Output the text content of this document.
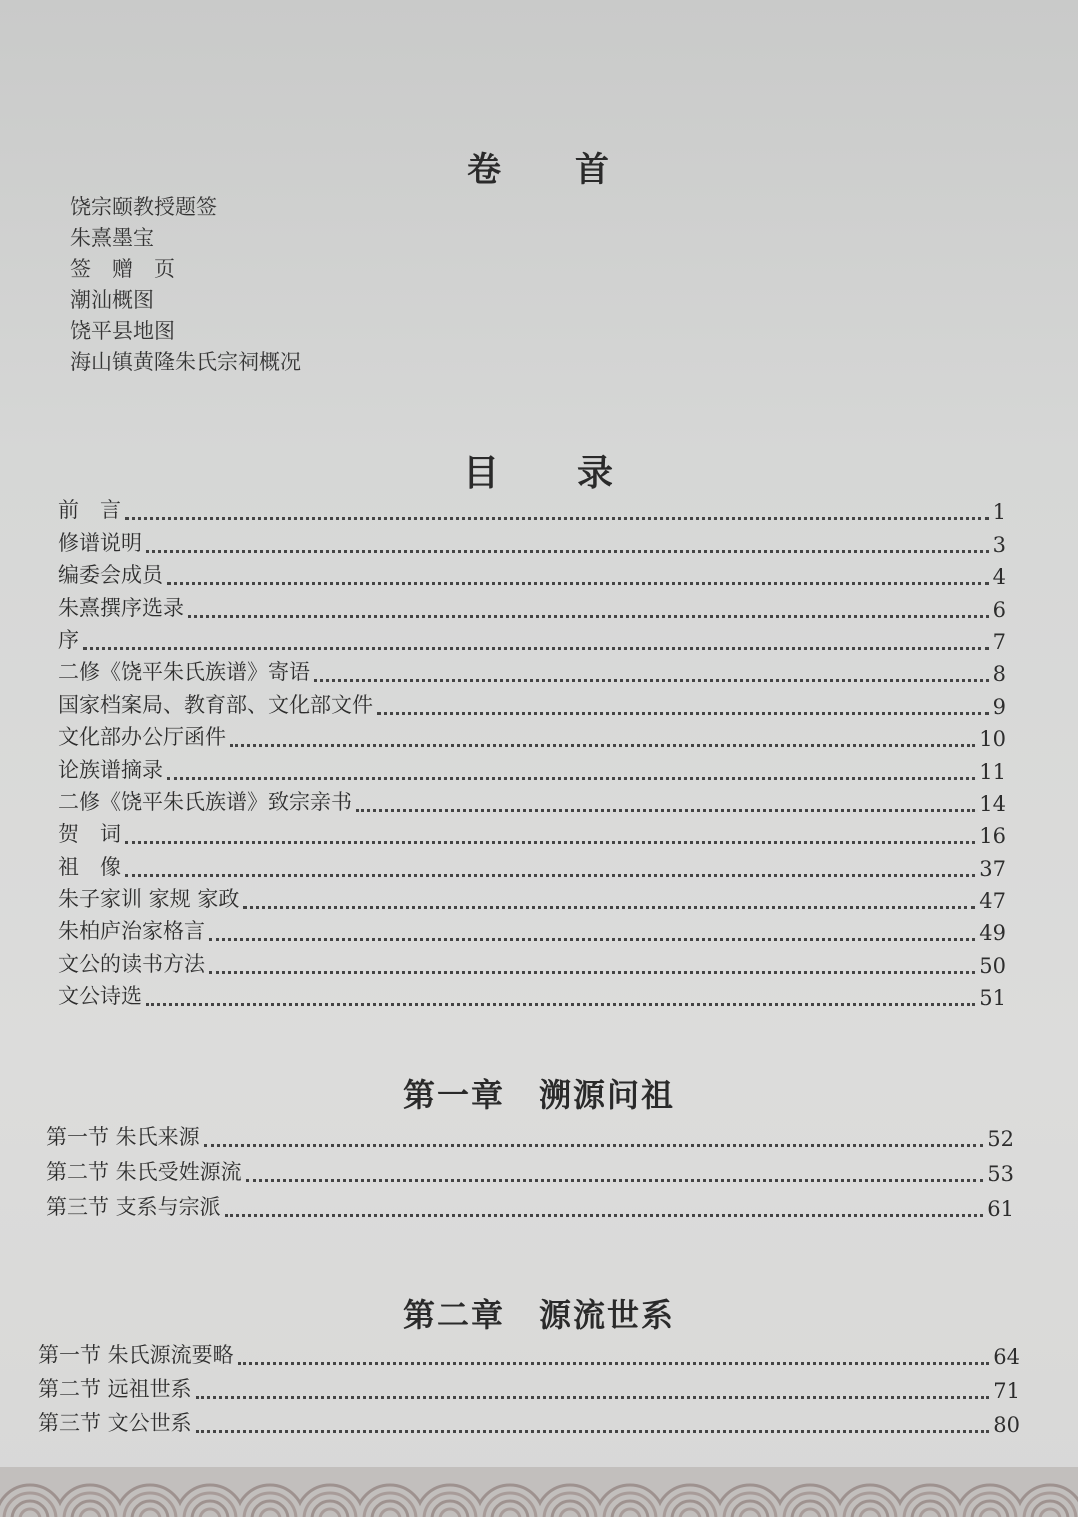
卷　　首
饶宗颐教授题签
朱熹墨宝
签　赠　页
潮汕概图
饶平县地图
海山镇黄隆朱氏宗祠概况
目　　录
前　言	1
修谱说明	3
编委会成员	4
朱熹撰序选录	6
序	7
二修《饶平朱氏族谱》寄语	8
国家档案局、教育部、文化部文件	9
文化部办公厅函件	10
论族谱摘录	11
二修《饶平朱氏族谱》致宗亲书	14
贺　词	16
祖　像	37
朱子家训 家规 家政	47
朱柏庐治家格言	49
文公的读书方法	50
文公诗选	51
第一章　溯源问祖
第一节 朱氏来源	52
第二节 朱氏受姓源流	53
第三节 支系与宗派	61
第二章　源流世系
第一节 朱氏源流要略	64
第二节 远祖世系	71
第三节 文公世系	80
